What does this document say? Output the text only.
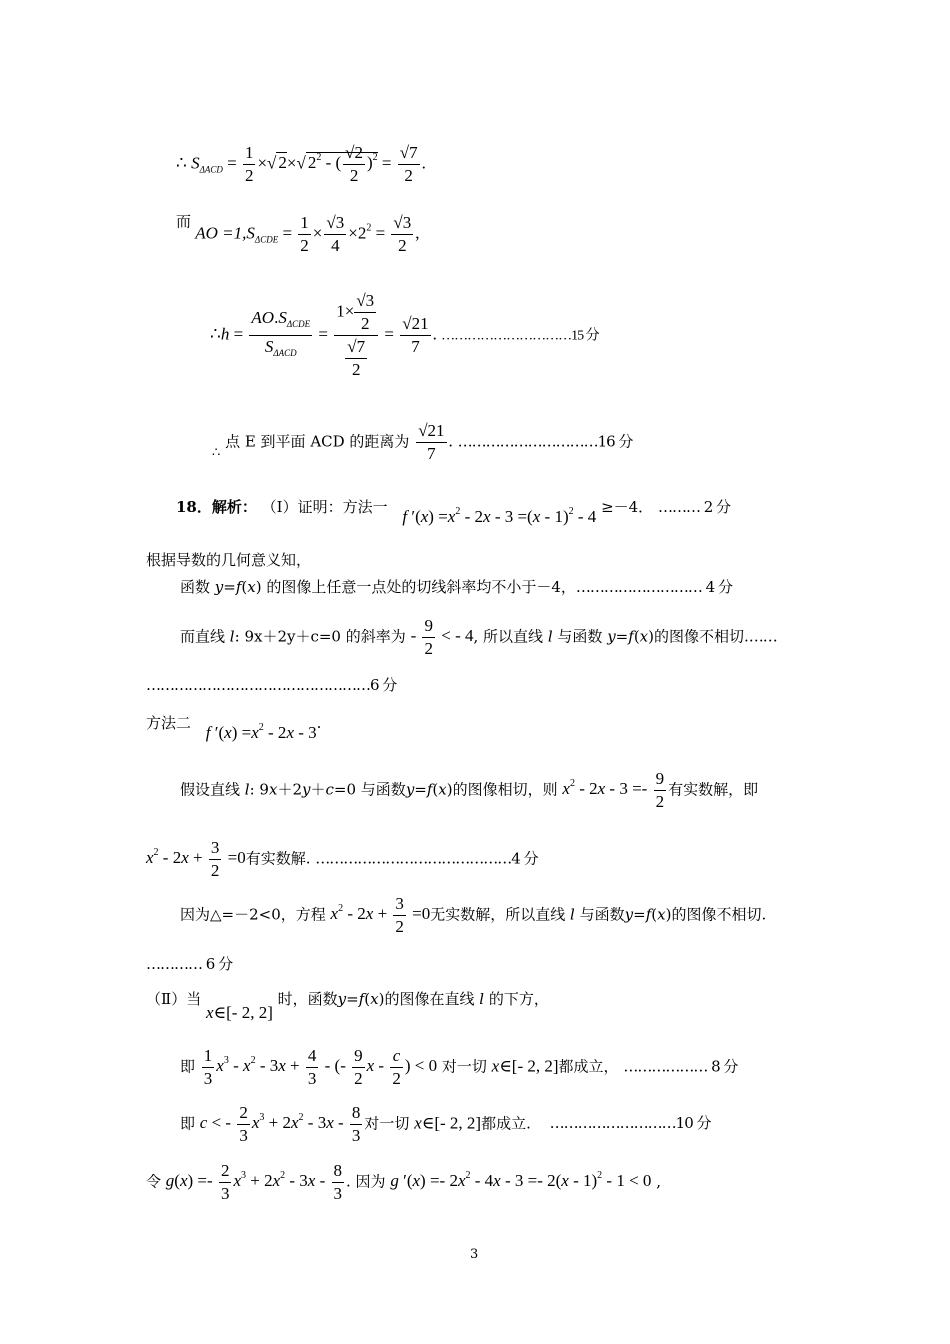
∴ $S_{\Delta ACD} = \frac{1}{2}$ ×√ 2×√ $2^2$ - ( $\frac{√2}{2} )^2 = \frac{√7}{2}$ .
而 AO $=1,S_{\Delta CDE} = \frac{1}{2} \times \frac{√3}{4} \times 2^2 = \frac{√3}{2}$ ,
∴h = $\frac{AO.S_{\Delta CDE}}{S_{\Delta ACD}} = \frac{1\times \frac{√3}{2}}{\frac{√7}{2}} = \frac{√21}{7}$ . …………………………15 分
∴ 点 E 到平面 ACD 的距离为 $\frac{√21}{7}$ . …………………………16 分
18．解析： （Ⅰ）证明：方法一 f $'(x) =x^2 - 2x - 3 =(x - 1)^2 - 4 \ge-4$． ……… 2 分
根据导数的几何意义知，
函数 y=f(x) 的图像上任意一点处的切线斜率均不小于－4，……………………… 4 分
而直线 l: 9x＋2y＋c=0 的斜率为 - $\frac{9}{2}$ < - 4, 所以直线 l 与函数 y=f(x)的图像不相切.……
…………………………………………6 分
方法二 f $'(x) =x^2 - 2x - 3$.
假设直线 l: 9x＋2y＋c=0 与函数y=f(x)的图像相切，则 $x^2 - 2x - 3 =- \frac{9}{2}$ 有实数解，即
$x^2 - 2x + \frac{3}{2} =0$有实数解. ……………………………………4 分
因为△=－2<0，方程 $x^2 - 2x + \frac{3}{2} =0$无实数解，所以直线 l 与函数y=f(x)的图像不相切.
………… 6 分
（Ⅱ）当 x∈[- 2, 2] 时，函数y=f(x)的图像在直线 l 的下方，
即 $\frac{1}{3} x^3 - x^2 - 3x + \frac{4}{3}$ - (- $\frac{9}{2}$ x - $\frac{c}{2}$ ) < 0 对一切 x∈[- 2, 2]都成立， ……………… 8 分
即 c < - $\frac{2}{3} x^3 + 2x^2 - 3x - \frac{8}{3}$ 对一切 x∈[- 2, 2]都成立. ………………………10 分
令 $g(x) =- \frac{2}{3} x^3 + 2x^2 - 3x - \frac{8}{3}$ . 因为 g $'(x) =- 2x^2 - 4x - 3 =- 2(x - 1)^2 - 1 < 0$ ,
3
